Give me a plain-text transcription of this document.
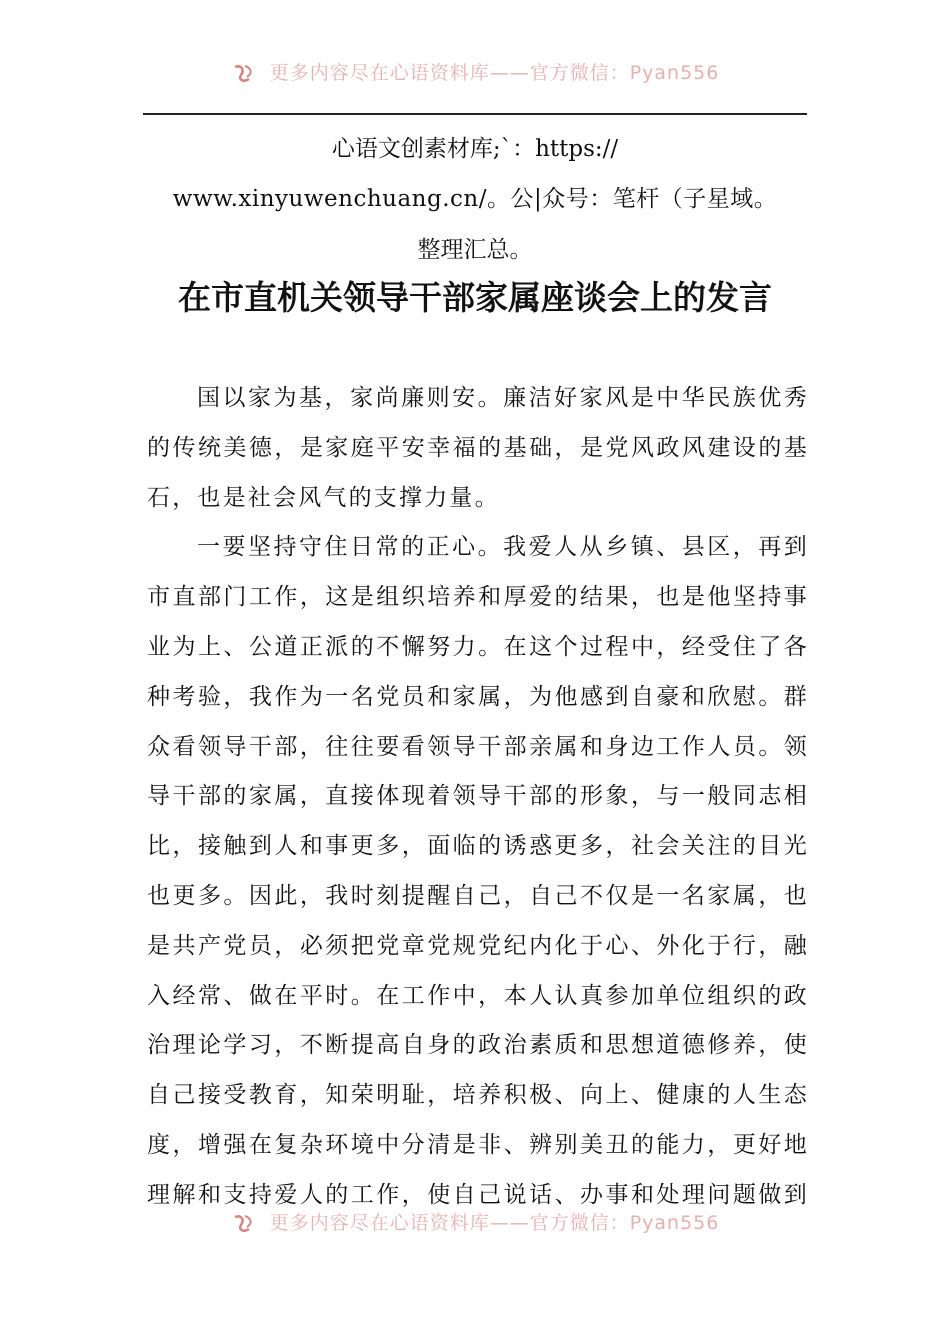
更多内容尽在心语资料库——官方微信：Pyan556
心语文创素材库;`：https://
www.xinyuwenchuang.cn/。公|众号：笔杆（子星域。
整理汇总。
在市直机关领导干部家属座谈会上的发言
国以家为基，家尚廉则安。廉洁好家风是中华民族优秀
的传统美德，是家庭平安幸福的基础，是党风政风建设的基
石，也是社会风气的支撑力量。
一要坚持守住日常的正心。我爱人从乡镇、县区，再到
市直部门工作，这是组织培养和厚爱的结果，也是他坚持事
业为上、公道正派的不懈努力。在这个过程中，经受住了各
种考验，我作为一名党员和家属，为他感到自豪和欣慰。群
众看领导干部，往往要看领导干部亲属和身边工作人员。领
导干部的家属，直接体现着领导干部的形象，与一般同志相
比，接触到人和事更多，面临的诱惑更多，社会关注的目光
也更多。因此，我时刻提醒自己，自己不仅是一名家属，也
是共产党员，必须把党章党规党纪内化于心、外化于行，融
入经常、做在平时。在工作中，本人认真参加单位组织的政
治理论学习，不断提高自身的政治素质和思想道德修养，使
自己接受教育，知荣明耻，培养积极、向上、健康的人生态
度，增强在复杂环境中分清是非、辨别美丑的能力，更好地
理解和支持爱人的工作，使自己说话、办事和处理问题做到
更多内容尽在心语资料库——官方微信：Pyan556
